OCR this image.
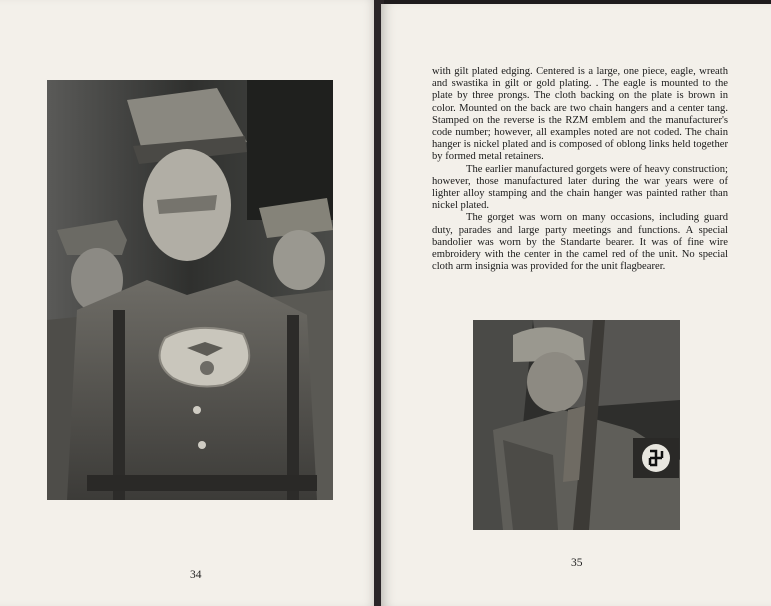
with gilt plated edging. Centered is a large, one piece, eagle, wreath and swastika in gilt or gold plating. . The eagle is mounted to the plate by three prongs. The cloth backing on the plate is brown in color. Mounted on the back are two chain hangers and a center tang. Stamped on the reverse is the RZM emblem and the manufacturer's code number; however, all examples noted are not coded. The chain hanger is nickel plated and is composed of oblong links held together by formed metal retainers.

The earlier manufactured gorgets were of heavy construction; however, those manufactured later during the war years were of lighter alloy stamping and the chain hanger was painted rather than nickel plated.

The gorget was worn on many occasions, including guard duty, parades and large party meetings and functions. A special bandolier was worn by the Standarte bearer. It was of fine wire embroidery with the center in the camel red of the unit. No special cloth arm insignia was provided for the unit flagbearer.

34

35
